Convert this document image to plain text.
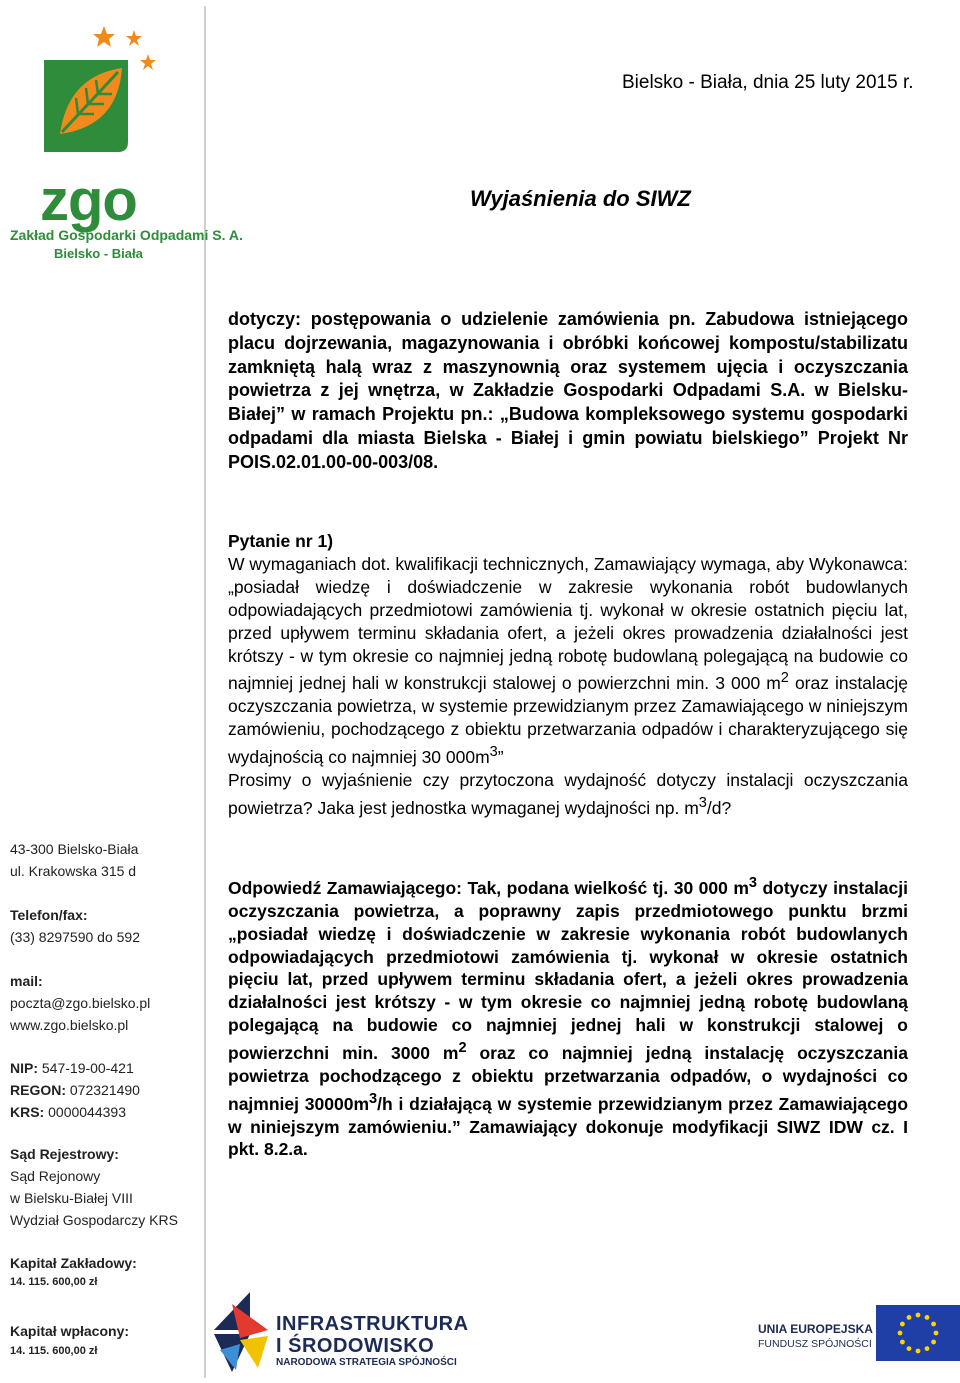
zgo
Zakład Gospodarki Odpadami S. A.
Bielsko - Biała
Bielsko - Biała, dnia 25 luty 2015 r.
Wyjaśnienia do SIWZ
dotyczy: postępowania o udzielenie zamówienia pn. Zabudowa istniejącego placu dojrzewania, magazynowania i obróbki końcowej kompostu/stabilizatu zamkniętą halą wraz z maszynownią oraz systemem ujęcia i oczyszczania powietrza z jej wnętrza, w Zakładzie Gospodarki Odpadami S.A. w Bielsku-Białej” w ramach Projektu pn.: „Budowa kompleksowego systemu gospodarki odpadami dla miasta Bielska - Białej i gmin powiatu bielskiego” Projekt Nr POIS.02.01.00-00-003/08.
Pytanie nr 1)
W wymaganiach dot. kwalifikacji technicznych, Zamawiający wymaga, aby Wykonawca: „posiadał wiedzę i doświadczenie w zakresie wykonania robót budowlanych odpowiadających przedmiotowi zamówienia tj. wykonał w okresie ostatnich pięciu lat, przed upływem terminu składania ofert, a jeżeli okres prowadzenia działalności jest krótszy - w tym okresie co najmniej jedną robotę budowlaną polegającą na budowie co najmniej jednej hali w konstrukcji stalowej o powierzchni min. 3 000 $m^2$ oraz instalację oczyszczania powietrza, w systemie przewidzianym przez Zamawiającego w niniejszym zamówieniu, pochodzącego z obiektu przetwarzania odpadów i charakteryzującego się wydajnością co najmniej 30 $000m^3$”
Prosimy o wyjaśnienie czy przytoczona wydajność dotyczy instalacji oczyszczania powietrza? Jaka jest jednostka wymaganej wydajności np. $m^3/d$?
Odpowiedź Zamawiającego: Tak, podana wielkość tj. 30 000 $m^3$ dotyczy instalacji oczyszczania powietrza, a poprawny zapis przedmiotowego punktu brzmi „posiadał wiedzę i doświadczenie w zakresie wykonania robót budowlanych odpowiadających przedmiotowi zamówienia tj. wykonał w okresie ostatnich pięciu lat, przed upływem terminu składania ofert, a jeżeli okres prowadzenia działalności jest krótszy - w tym okresie co najmniej jedną robotę budowlaną polegającą na budowie co najmniej jednej hali w konstrukcji stalowej o powierzchni min. 3000 $m^2$ oraz co najmniej jedną instalację oczyszczania powietrza pochodzącego z obiektu przetwarzania odpadów, o wydajności co najmniej $30000m^3/h$ i działającą w systemie przewidzianym przez Zamawiającego w niniejszym zamówieniu.” Zamawiający dokonuje modyfikacji SIWZ IDW cz. I pkt. 8.2.a.
43-300 Bielsko-Biała
ul. Krakowska 315 d
Telefon/fax:
(33) 8297590 do 592
mail:
poczta@zgo.bielsko.pl
www.zgo.bielsko.pl
NIP: 547-19-00-421
REGON: 072321490
KRS: 0000044393
Sąd Rejestrowy:
Sąd Rejonowy
w Bielsku-Białej VIII
Wydział Gospodarczy KRS
Kapitał Zakładowy:
14. 115. 600,00 zł
Kapitał wpłacony:
14. 115. 600,00 zł
INFRASTRUKTURA
I ŚRODOWISKO
NARODOWA STRATEGIA SPÓJNOŚCI
UNIA EUROPEJSKA
FUNDUSZ SPÓJNOŚCI
